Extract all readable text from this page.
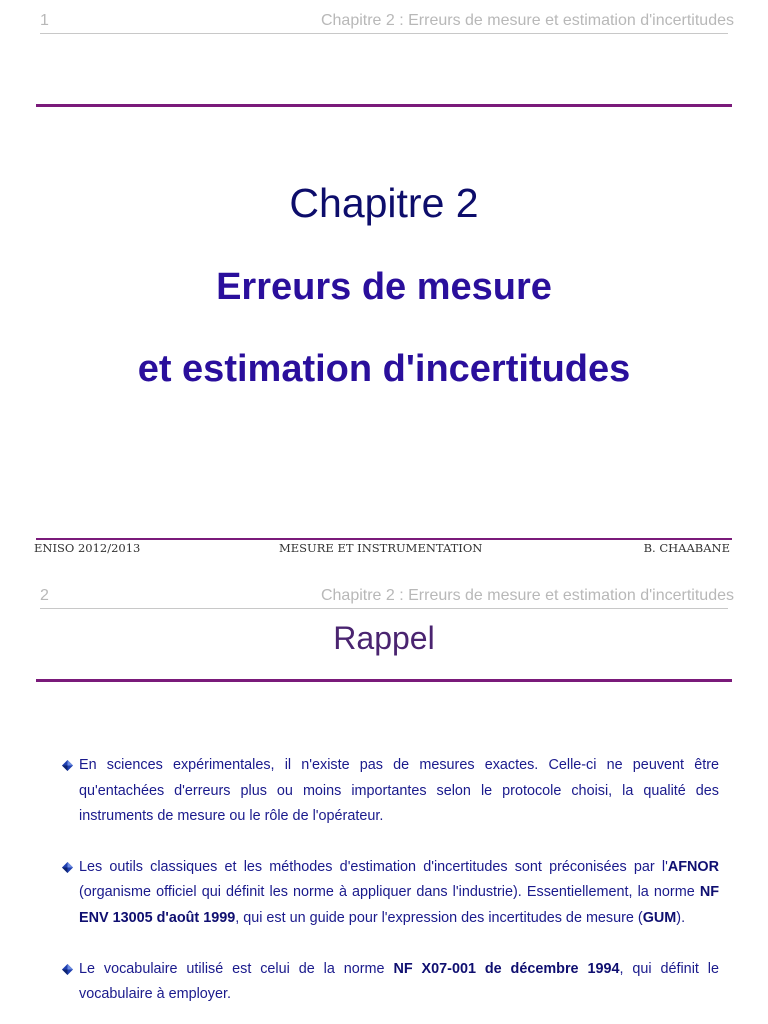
1	Chapitre 2 : Erreurs de mesure et estimation d'incertitudes
Chapitre 2
Erreurs de mesure
et estimation d'incertitudes
ENISO 2012/2013	MESURE ET INSTRUMENTATION	B. CHAABANE
2	Chapitre 2 : Erreurs de mesure et estimation d'incertitudes
Rappel
En sciences expérimentales, il n'existe pas de mesures exactes. Celle-ci ne peuvent être qu'entachées d'erreurs plus ou moins importantes selon le protocole choisi, la qualité des instruments de mesure ou le rôle de l'opérateur.
Les outils classiques et les méthodes d'estimation d'incertitudes sont préconisées par l'AFNOR (organisme officiel qui définit les norme à appliquer dans l'industrie). Essentiellement, la norme NF ENV 13005 d'août 1999, qui est un guide pour l'expression des incertitudes de mesure (GUM).
Le vocabulaire utilisé est celui de la norme NF X07-001 de décembre 1994, qui définit le vocabulaire à employer.
